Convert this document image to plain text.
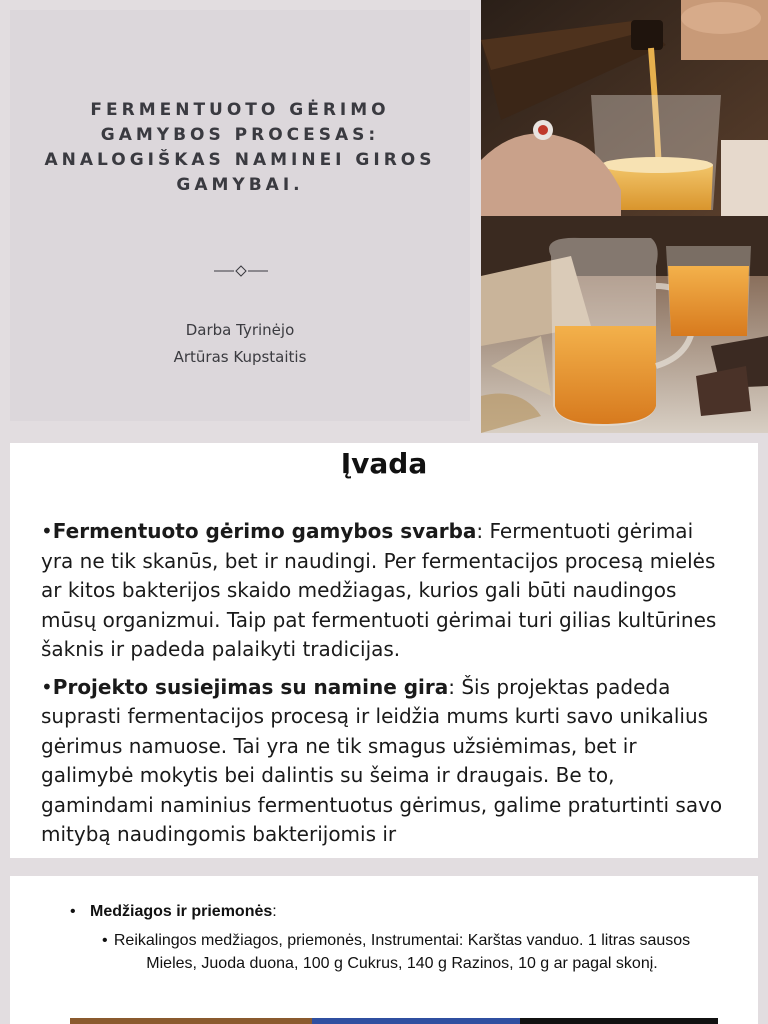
FERMENTUOTO GĖRIMO GAMYBOS PROCESAS: ANALOGIŠKAS NAMINEI GIROS GAMYBAI.
Darba Tyrinėjo
Artūras Kupstaitis
Įvada

•Fermentuoto gėrimo gamybos svarba: Fermentuoti gėrimai yra ne tik skanūs, bet ir naudingi. Per fermentacijos procesą mielės ar kitos bakterijos skaido medžiagas, kurios gali būti naudingos mūsų organizmui. Taip pat fermentuoti gėrimai turi gilias kultūrines šaknis ir padeda palaikyti tradicijas.

•Projekto susiejimas su namine gira: Šis projektas padeda suprasti fermentacijos procesą ir leidžia mums kurti savo unikalius gėrimus namuose. Tai yra ne tik smagus užsiėmimas, bet ir galimybė mokytis bei dalintis su šeima ir draugais. Be to, gamindami naminius fermentuotus gėrimus, galime praturtinti savo mitybą naudingomis bakterijomis ir

• Medžiagos ir priemonės:
• Reikalingos medžiagos, priemonės, Instrumentai: Karštas vanduo. 1 litras sausos Mieles, Juoda duona, 100 g Cukrus, 140 g Razinos, 10 g ar pagal skonį.
